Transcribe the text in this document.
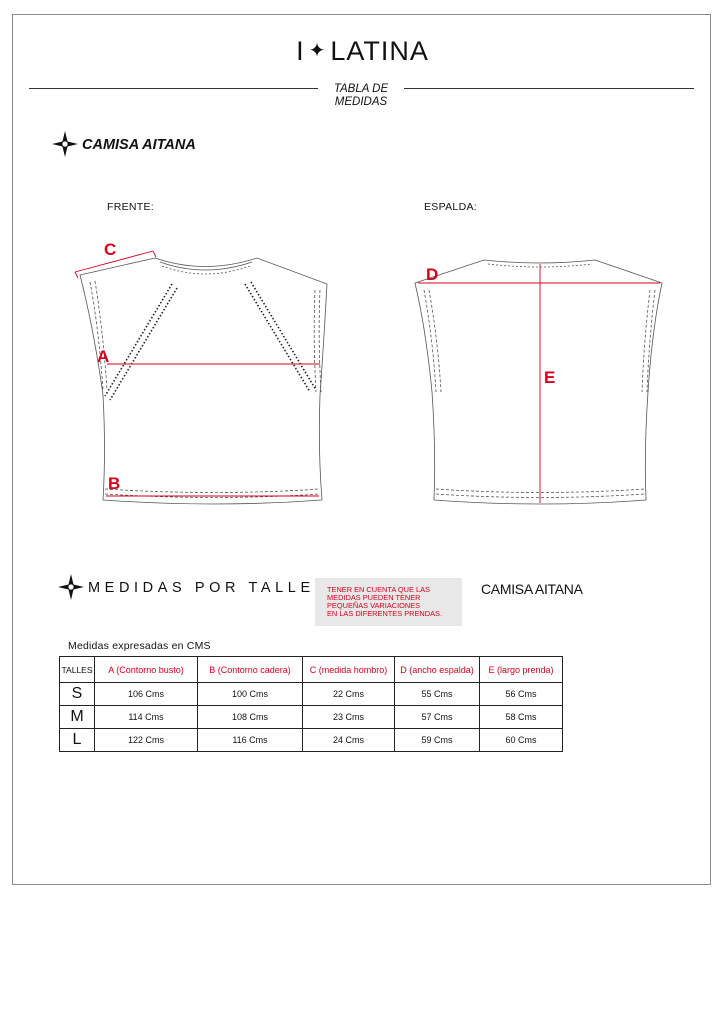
I ✦ LATINA
TABLA DE
MEDIDAS
CAMISA AITANA
FRENTE:	ESPALDA:
C
A
B
D
E
MEDIDAS POR TALLE TENER EN CUENTA QUE LAS
MEDIDAS PUEDEN TENER
PEQUEÑAS VARIACIONES
EN LAS DIFERENTES PRENDAS.
CAMISA AITANA
Medidas expresadas en CMS
TALLES	A (Contorno busto)	B (Contorno cadera)	C (medida hombro)	D (ancho espalda)	E (largo prenda)
S	106 Cms	100 Cms	22 Cms	55 Cms	56 Cms
M	114 Cms	108 Cms	23 Cms	57 Cms	58 Cms
L	122 Cms	116 Cms	24 Cms	59 Cms	60 Cms
